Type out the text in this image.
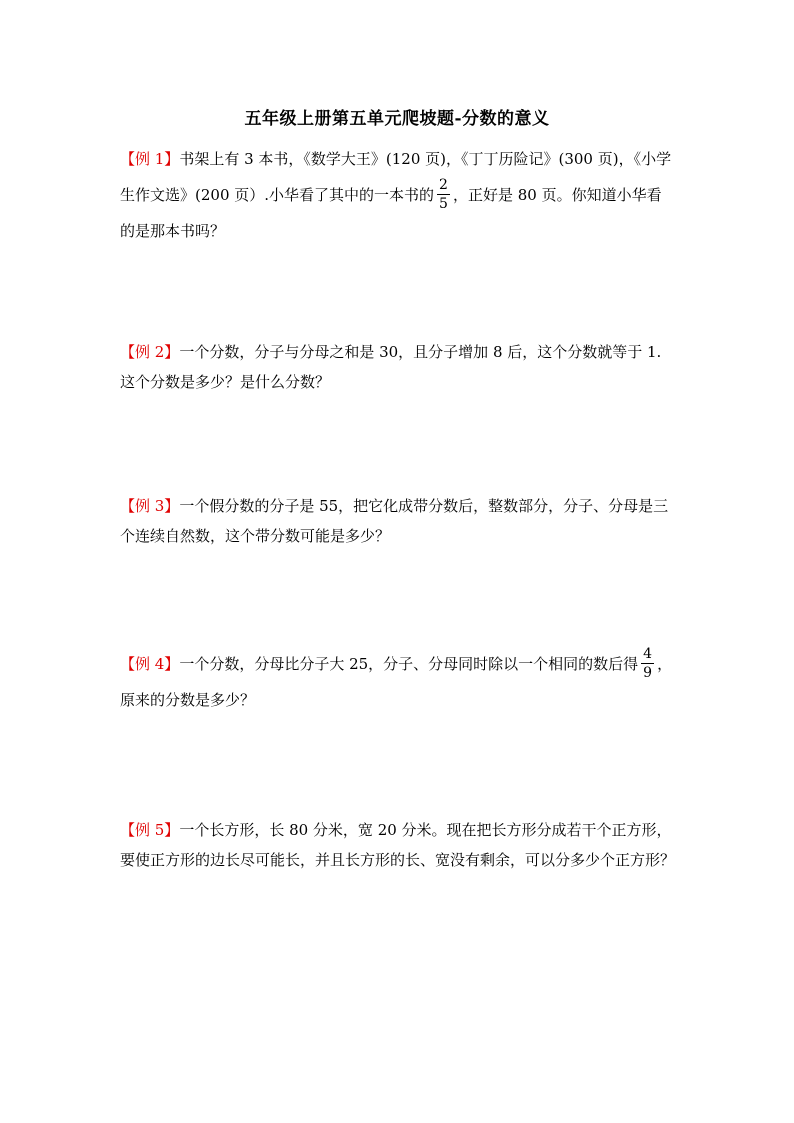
五年级上册第五单元爬坡题-分数的意义
【例 1】书架上有 3 本书，《数学大王》(120 页)，《丁丁历险记》(300 页)，《小学生作文选》(200 页）.小华看了其中的一本书的 $\frac{2}{5}$ ，正好是 80 页。你知道小华看的是那本书吗？
【例 2】一个分数，分子与分母之和是 30，且分子增加 8 后，这个分数就等于 1.这个分数是多少？是什么分数？
【例 3】一个假分数的分子是 55，把它化成带分数后，整数部分，分子、分母是三个连续自然数，这个带分数可能是多少？
【例 4】一个分数，分母比分子大 25，分子、分母同时除以一个相同的数后得 $\frac{4}{9}$ ，原来的分数是多少？
【例 5】一个长方形，长 80 分米，宽 20 分米。现在把长方形分成若干个正方形，要使正方形的边长尽可能长，并且长方形的长、宽没有剩余，可以分多少个正方形？
